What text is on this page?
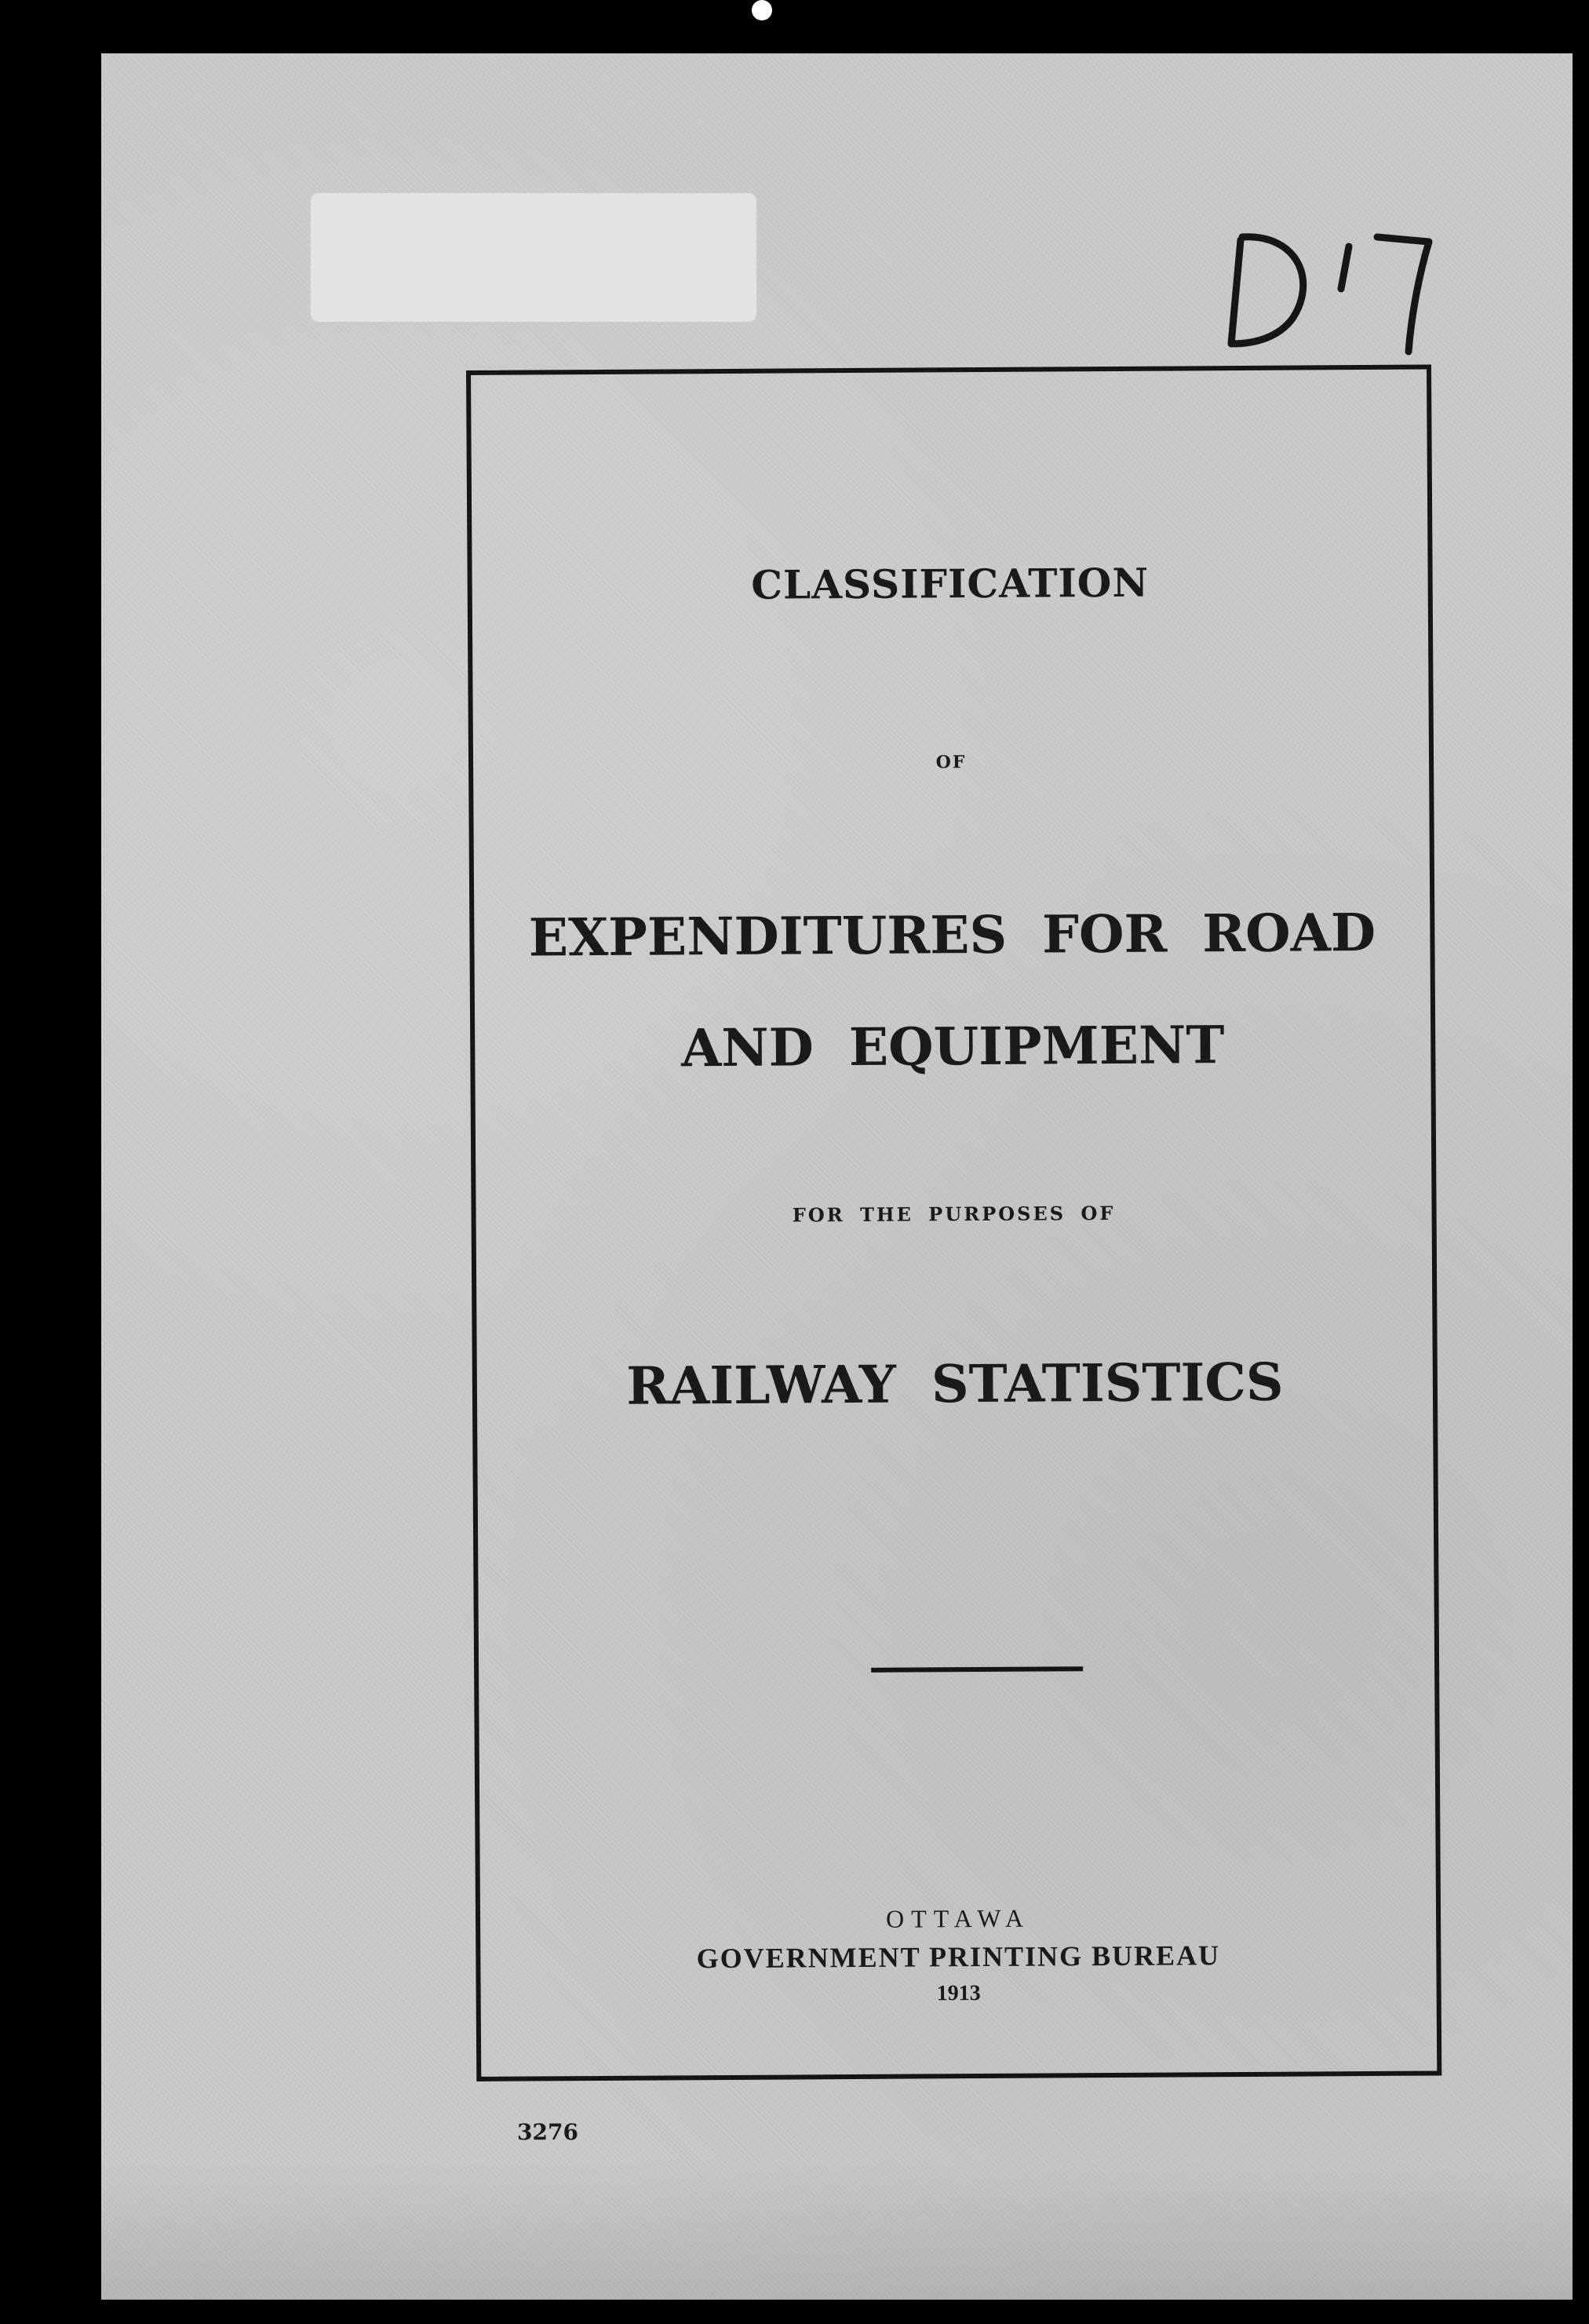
CLASSIFICATION
OF
EXPENDITURES FOR ROAD
AND EQUIPMENT
FOR THE PURPOSES OF
RAILWAY STATISTICS
OTTAWA
GOVERNMENT PRINTING BUREAU
1913
3276
